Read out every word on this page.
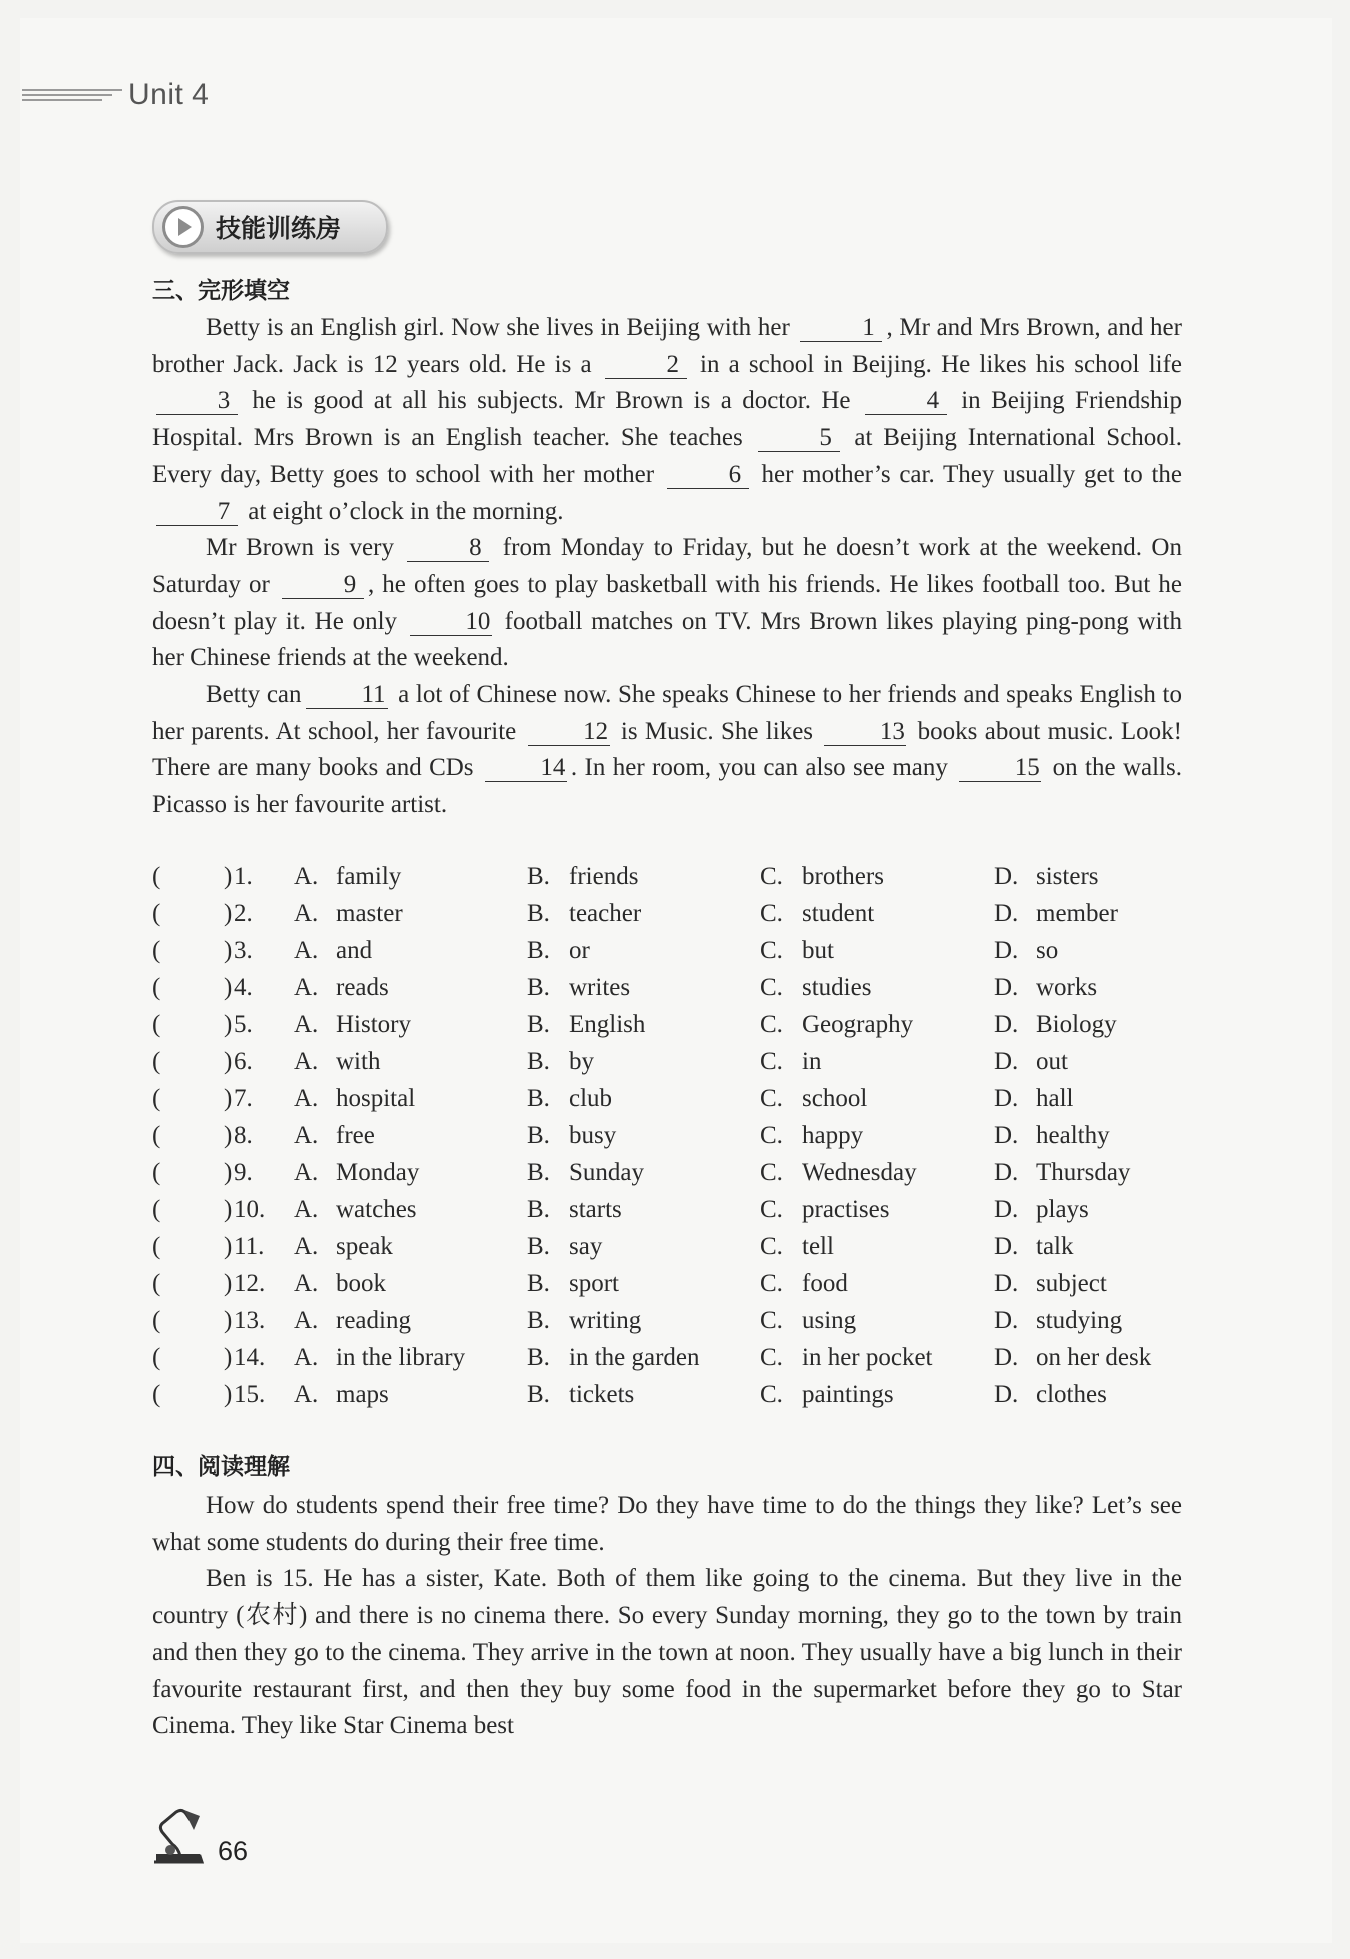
Unit 4
技能训练房
三、完形填空

Betty is an English girl. Now she lives in Beijing with her	1 , Mr and Mrs Brown, and her brother Jack. Jack is 12 years old. He is a	2 in a school in Beijing. He likes his school life 3 he is good at all his subjects. Mr Brown is a doctor. He	4 in Beijing Friendship Hospital. Mrs Brown is an English teacher. She teaches	5 at Beijing International School. Every day, Betty goes to school with her mother	6 her mother’s car. They usually get to the 7 at eight o’clock in the morning.

Mr Brown is very	8 from Monday to Friday, but he doesn’t work at the weekend. On Saturday or	9 , he often goes to play basketball with his friends. He likes football too. But he doesn’t play it. He only 10 football matches on TV. Mrs Brown likes playing ping-pong with her Chinese friends at the weekend.

Betty can 11 a lot of Chinese now. She speaks Chinese to her friends and speaks English to her parents. At school, her favourite 12 is Music. She likes 13 books about music. Look! There are many books and CDs 14 . In her room, you can also see many 15 on the walls. Picasso is her favourite artist.

(	) 1. A. family	B. friends	C. brothers	D. sisters
(	) 2. A. master	B. teacher	C. student	D. member
(	) 3. A. and	B. or	C. but	D. so
(	) 4. A. reads	B. writes	C. studies	D. works
(	) 5. A. History	B. English	C. Geography	D. Biology
(	) 6. A. with	B. by	C. in	D. out
(	) 7. A. hospital	B. club	C. school	D. hall
(	) 8. A. free	B. busy	C. happy	D. healthy
(	) 9. A. Monday	B. Sunday	C. Wednesday	D. Thursday
(	) 10. A. watches	B. starts	C. practises	D. plays
(	) 11. A. speak	B. say	C. tell	D. talk
(	) 12. A. book	B. sport	C. food	D. subject
(	) 13. A. reading	B. writing	C. using	D. studying
(	) 14. A. in the library B. in the garden C. in her pocket D. on her desk
(	) 15. A. maps	B. tickets	C. paintings	D. clothes
四、阅读理解

How do students spend their free time? Do they have time to do the things they like? Let’s see what some students do during their free time.

Ben is 15. He has a sister, Kate. Both of them like going to the cinema. But they live in the country (农村) and there is no cinema there. So every Sunday morning, they go to the town by train and then they go to the cinema. They arrive in the town at noon. They usually have a big lunch in their favourite restaurant first, and then they buy some food in the supermarket before they go to Star Cinema. They like Star Cinema best

66
